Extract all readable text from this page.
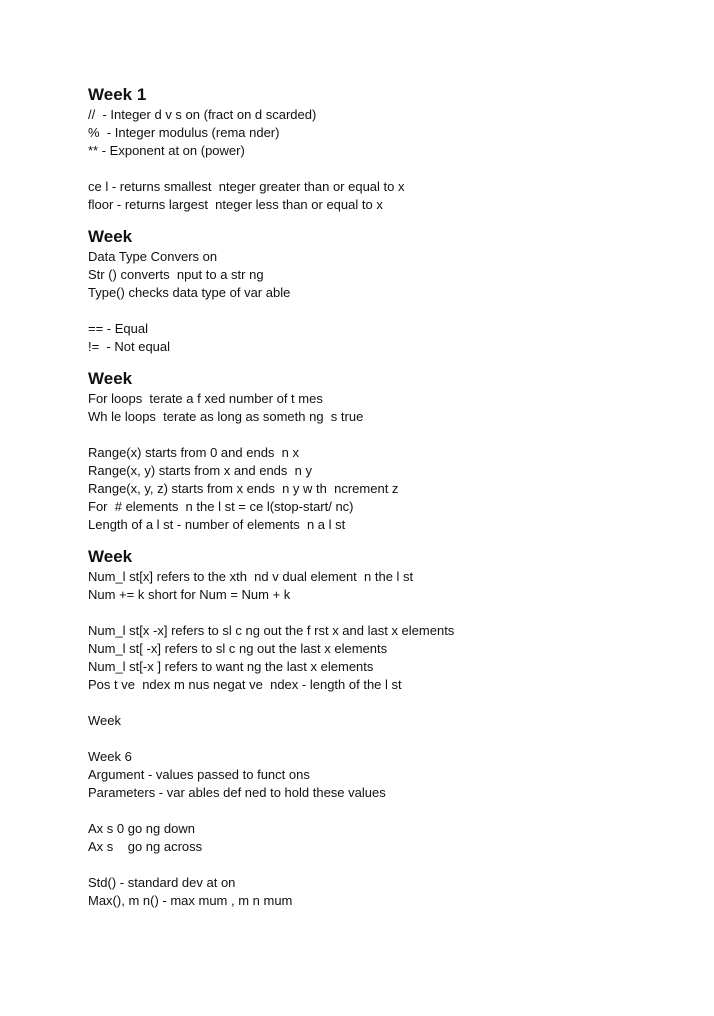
Week 1
//  - Integer d v s on (fract on d scarded)
%  - Integer modulus (rema nder)
** - Exponent at on (power)
ce l - returns smallest  nteger greater than or equal to x
floor - returns largest  nteger less than or equal to x
Week
Data Type Convers on
Str () converts  nput to a str ng
Type() checks data type of var able
== - Equal
!=  - Not equal
Week
For loops  terate a f xed number of t mes
Wh le loops  terate as long as someth ng  s true
Range(x) starts from 0 and ends  n x
Range(x, y) starts from x and ends  n y
Range(x, y, z) starts from x ends  n y w th  ncrement z
For  # elements  n the l st = ce l(stop-start/ nc)
Length of a l st - number of elements  n a l st
Week
Num_l st[x] refers to the xth  nd v dual element  n the l st
Num += k short for Num = Num + k
Num_l st[x -x] refers to sl c ng out the f rst x and last x elements
Num_l st[ -x] refers to sl c ng out the last x elements
Num_l st[-x ] refers to want ng the last x elements
Pos t ve  ndex m nus negat ve  ndex - length of the l st
Week
Week 6
Argument - values passed to funct ons
Parameters - var ables def ned to hold these values
Ax s 0 go ng down
Ax s    go ng across
Std() - standard dev at on
Max(), m n() - max mum , m n mum
